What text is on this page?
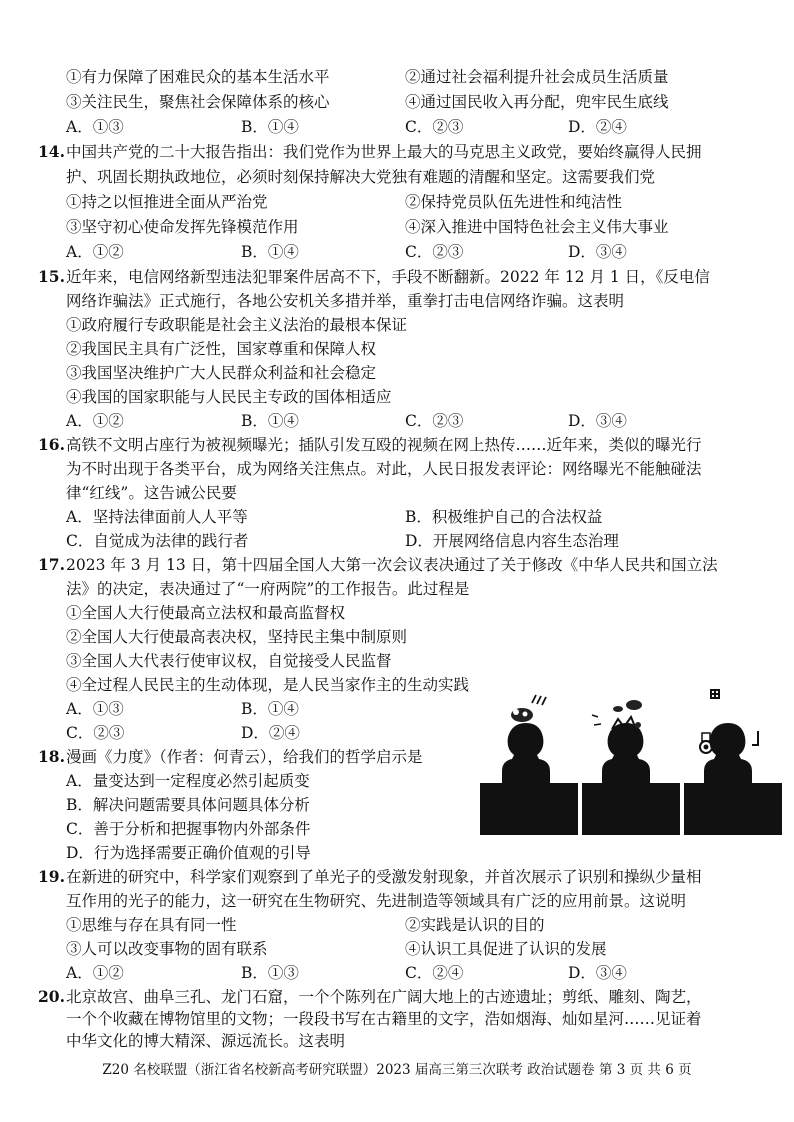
①有力保障了困难民众的基本生活水平	②通过社会福利提升社会成员生活质量
③关注民生，聚焦社会保障体系的核心	④通过国民收入再分配，兜牢民生底线
A．①③	B．①④	C．②③	D．②④
14. 中国共产党的二十大报告指出：我们党作为世界上最大的马克思主义政党，要始终赢得人民拥
护、巩固长期执政地位，必须时刻保持解决大党独有难题的清醒和坚定。这需要我们党
①持之以恒推进全面从严治党	②保持党员队伍先进性和纯洁性
③坚守初心使命发挥先锋模范作用	④深入推进中国特色社会主义伟大事业
A．①②	B．①④	C．②③	D．③④
15. 近年来，电信网络新型违法犯罪案件居高不下，手段不断翻新。2022 年 12 月 1 日，《反电信
网络诈骗法》正式施行，各地公安机关多措并举，重拳打击电信网络诈骗。这表明
①政府履行专政职能是社会主义法治的最根本保证
②我国民主具有广泛性，国家尊重和保障人权
③我国坚决维护广大人民群众利益和社会稳定
④我国的国家职能与人民民主专政的国体相适应
A．①②	B．①④	C．②③	D．③④
16. 高铁不文明占座行为被视频曝光；插队引发互殴的视频在网上热传……近年来，类似的曝光行
为不时出现于各类平台，成为网络关注焦点。对此，人民日报发表评论：网络曝光不能触碰法
律“红线”。这告诫公民要
A．坚持法律面前人人平等	B．积极维护自己的合法权益
C．自觉成为法律的践行者	D．开展网络信息内容生态治理
17. 2023 年 3 月 13 日，第十四届全国人大第一次会议表决通过了关于修改《中华人民共和国立法
法》的决定，表决通过了“一府两院”的工作报告。此过程是
①全国人大行使最高立法权和最高监督权
②全国人大行使最高表决权，坚持民主集中制原则
③全国人大代表行使审议权，自觉接受人民监督
④全过程人民民主的生动体现，是人民当家作主的生动实践
A．①③	B．①④
C．②③	D．②④
18. 漫画《力度》（作者：何青云），给我们的哲学启示是
A．量变达到一定程度必然引起质变
B．解决问题需要具体问题具体分析
C．善于分析和把握事物内外部条件
D．行为选择需要正确价值观的引导
19. 在新进的研究中，科学家们观察到了单光子的受激发射现象，并首次展示了识别和操纵少量相
互作用的光子的能力，这一研究在生物研究、先进制造等领域具有广泛的应用前景。这说明
①思维与存在具有同一性	②实践是认识的目的
③人可以改变事物的固有联系	④认识工具促进了认识的发展
A．①②	B．①③	C．②④	D．③④
20. 北京故宫、曲阜三孔、龙门石窟，一个个陈列在广阔大地上的古迹遗址；剪纸、雕刻、陶艺，
一个个收藏在博物馆里的文物；一段段书写在古籍里的文字，浩如烟海、灿如星河……见证着
Z20 名校联盟（浙江省名校新高考研究联盟）2023 届高三第三次联考 政治试题卷 第 3 页 共 6 页
中华文化的博大精深、源远流长。这表明
